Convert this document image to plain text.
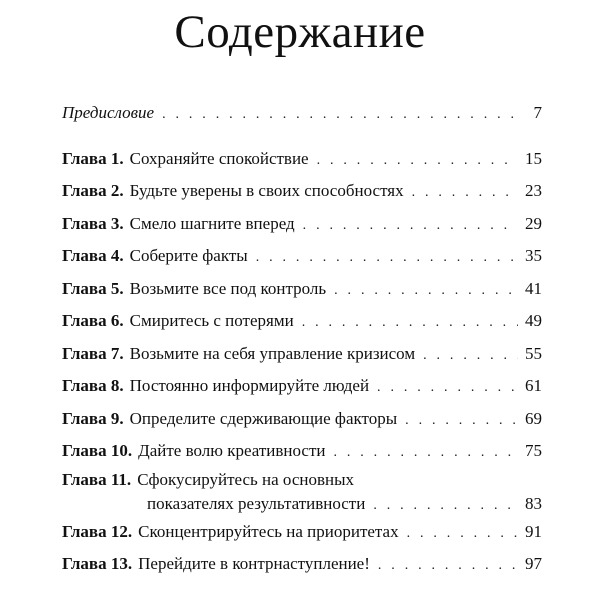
Содержание
Предисловие . . .	7
Глава 1. Сохраняйте спокойствие . . .	15
Глава 2. Будьте уверены в своих способностях . . .	23
Глава 3. Смело шагните вперед . . .	29
Глава 4. Соберите факты . . .	35
Глава 5. Возьмите все под контроль . . .	41
Глава 6. Смиритесь с потерями . . .	49
Глава 7. Возьмите на себя управление кризисом . . .	55
Глава 8. Постоянно информируйте людей . . .	61
Глава 9. Определите сдерживающие факторы . . .	69
Глава 10. Дайте волю креативности . . .	75
Глава 11. Сфокусируйтесь на основных
показателях результативности . . .	83
Глава 12. Сконцентрируйтесь на приоритетах . . .	91
Глава 13. Перейдите в контрнаступление! . . .	97
